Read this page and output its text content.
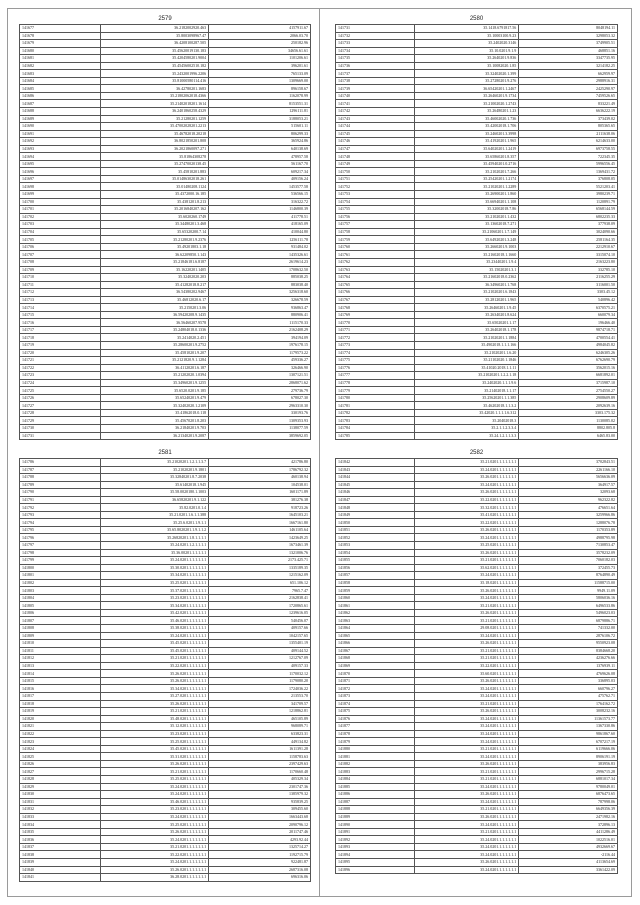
2579
141677	36.2182002920.463	4157911.67
141678	35.8003098967.47	2066.03.70
141679	36.4208100287.505	250182.96
141680	35.45620019130.183	34656.61.61
141681	35.4204580201.9004	1101206.61
141682	35.45456002510.182	396201.61
141683	35.2432001996.2206	765133.09
141684	35.81000580114.416	1309669.00
141685	36.42780201.1683	896158.67
141686	35.21802062018.4366	1162078.99
141687	35.21402018201.1614	8153551.31
141688	36.2401860258.4329	1296111.81
141689	35.21280201.1259	3188053.21
141690	35.47002028201.2213	515601.11
141691	35.46782018.20218	806299.33
141692	36.8021850201.808	365924.86
141693	36.2021860097.271	640138.69
141694	35.81864308278	478957.58
141695	35.27470020138.45	561167.70
141696	35.45810201.883	609217.34
141697	35.01486302018.261	409156.24
141698	35.01480208.1124	1453577.58
141699	35.4372000.16.185	536566.15
141700	35.4381201.8.213	316322.72
141701	35.2016840207.162	1146800.39
141702	35.6020260.1749	411778.51
141703	35.34480201.3.468	418165.09
141704	35.65320200.7.14	410044.80
141705	35.21280201.9.2376	1256111.78
141706	35.49201803.1.18	931484.02
141707	36.62209850.1.143	1435326.61
141708	35.21846181.6.8187	2619614.23
141709	35.16220201.1405	1708632.50
141710	35.32402020.203	885038.25
141711	35.41282018.8.217	883038.40
141712	36.54380202.9467	3256318.60
141713	35.46812020.6.17	326678.59
141714	35.2150201.3.06	936863.47
141715	36.59420208.9.1435	880906.41
141716	36.56460207.9578	1115170.33
141717	35.24804018.0.1336	2162408.29
141718	35.2414020.2.451	394194.09
141719	35.28600201.9.2752	1976178.15
141720	35.45810201.9.207	1179573.22
141721	35.2121820.9.1.1284	459336.27
141722	36.41120201.6.187	326466.90
141723	35.21202020.1.0394	1307121.51
141724	35.34960201.9.1255	2868071.62
141725	35.6520.0201.9.185	279736.79
141726	35.65240201.9.479	678027.30
141727	35.32402020.1.2109	2963310.30
141728	35.41862018.0.118	330193.76
141729	35.45670201.8.203	1309353.93
141730	36.21840201.9.703	1138077.59
141731	36.21340201.9.2087	3859692.05
2580
141731	35.1418.6791817.56	8048194.11
141732	35.10003100.9.23	3298053.32
141733	35.2402020.3146	3749905.51
141734	35.10.0201.9.1.9	468851.16
141735	35.2640201.9.836	3347735.95
141736	35.10082020.1.85	3214182.25
141737	35.32402020.1.399	662959.97
141738	35.27280201.9.276	2988916.31
141739	36.65420201.1.2467	2425290.97
141740	35.26460201.9.1734	7459526.65
141741	35.21002020.1.2743	833221.49
141742	35.26480201.1.23	6636222.19
141743	35.46002020.1.736	373439.02
141744	35.42002018.1.706	805365.65
141745	35.2460201.3.3998	2111638.06
141746	35.41920201.1.965	6214633.00
141747	35.64020201.1.2419	6973758.55
141748	35.65860201.8.357	722345.35
141749	35.45940201.0.2716	5996556.45
141750	35.21020201.7.266	1369431.72
141751	35.25420201.1.2174	376808.05
141752	35.21020201.1.2289	5521203.41
141753	35.26900201.1.860	3980239.71
141754	35.66940201.1.108	1120891.79
141755	35.32002018.7.86	6568144.59
141756	35.21020201.1.432	6802235.33
141757	35.13602018.7.271	377938.09
141758	35.21060201.1.7.149	3024090.66
141759	35.64920201.3.248	2581164.35
141760	35.2660201.9.1003	2212910.67
141761	35.21602018.1.1660	3315074.10
141762	35.23440201.1.9.4	2163223.80
141763	35.15020201.3.1	332785.10
141764	35.21602018.0.2362	2116255.29
141765	36.34960201.1.768	3116001.50
141766	35.21020201.6.1843	3303.45.12
141767	35.28120201.1.965	540896.42
141768	35.26460201.1.9.45	6370575.21
141769	35.26340201.8.624	660079.34
141770	35.65020201.1.17	196466.40
141771	35.26402018.1.178	9874718.71
141772	35.21020201.1.1884	4700554.41
141773	35.4902018.1.1.1.166	4984045.82
141774	35.21020201.1.6.20	6246305.26
141775	35.21102020.1.1846	6762690.79
141776	35.41020.2018.1.1.11	3562015.16
141777	35.21020201.1.2.2.1.18	6681892.01
141778	35.2402020.1.1.1.9.6	3715987.10
141779	35.21402018.1.1.17	2754550.27
141780	35.25620201.1.1.385	2908609.89
141781	35.46202018.1.1.3.2	2092639.16
141782	35.42020.1.1.1.1.6.312	3303.175.32
141783	35.20402018.3	1130085.02
141784	35.2.1.1.2.3.3.4	8802.805.8
141785	35.24.1.2.1.1.3.3	6465.83.00
2581
141786	35.21020201.1.2.1.1.3.7	421786.80
141787	35.21020201.9.1801	1786792.32
141788	35.32840201.8.7.2038	460138.94
141789	35.61402018.1.945	104538.01
141790	35.58.0020180.1.1003	1601171.89
141791	36.65820201.9.1.122	381276.38
141792	35.82.0201.0.1.4	918723.26
141793	35.21.0201.1.6.1.1.388	1645103.21
141794	35.25.6.0201.1.9.1.1	1667161.80
141795	35.65.8020201.1.9.1.1.2	1461105.64
141796	35.26820201.1.8.1.1.1.1	1423649.25
141797	35.24.0201.1.2.1.1.1.1	1673461.39
141798	35.36.00201.1.1.1.1.1	1321006.76
141799	35.24.0201.1.1.1.1.1.1	2173.425.71
141800	35.30.0201.1.1.1.1.1.1	1335189.35
141801	35.34.0201.1.1.1.1.1.1	1215162.09
141802	35.25.0201.1.1.1.1.1.1	651.106.12
141803	35.37.0201.1.1.1.1.1.1	7965.7.47
141804	35.23.0201.1.1.1.1.1.1	2162838.41
141805	35.34.0201.1.1.1.1.1.1	1720865.61
141806	35.42.0201.1.1.1.1.1.1	1239616.05
141807	35.46.0201.1.1.1.1.1.1	540456.07
141808	35.38.0201.1.1.1.1.1.1	409157.66
141809	35.24.0201.1.1.1.1.1.1	1042157.65
141810	35.45.0201.1.1.1.1.1.1	1355401.19
141811	35.45.0201.1.1.1.1.1.1	409144.52
141812	35.21.0201.1.1.1.1.1.1	1212767.09
141813	35.22.0201.1.1.1.1.1.1	409157.33
141814	35.26.0201.1.1.1.1.1.1	1170032.12
141815	35.26.0201.1.1.1.1.1.1	1179080.20
141816	35.34.0201.1.1.1.1.1.1	1724036.22
141817	35.27.0201.1.1.1.1.1.1	213553.70
141818	35.26.0201.1.1.1.1.1.1	341709.57
141819	35.21.0201.1.1.1.1.1.1	1218862.81
141820	35.48.0201.1.1.1.1.1.1	465105.89
141821	35.12.0201.1.1.1.1.1.1	968089.71
141822	35.23.0201.1.1.1.1.1.1	633823.31
141823	35.25.0201.1.1.1.1.1.1	449134.82
141824	35.45.0201.1.1.1.1.1.1	1611391.28
141825	35.31.0201.1.1.1.1.1.1	1158783.63
141826	35.26.0201.1.1.1.1.1.1	2397429.63
141827	35.21.0201.1.1.1.1.1.1	1170660.48
141828	35.25.0201.1.1.1.1.1.1	405329.34
141829	35.24.0201.1.1.1.1.1.1	2301747.36
141830	35.24.0201.1.1.1.1.1.1	1385979.32
141831	35.46.0201.1.1.1.1.1.1	935839.25
141832	35.23.0201.1.1.1.1.1.1	309455.60
141833	35.24.0201.1.1.1.1.1.1	1663443.68
141834	35.25.0201.1.1.1.1.1.1	2090796.12
141835	35.26.0201.1.1.1.1.1.1	2011747.46
141836	35.24.0201.1.1.1.1.1.1	4293.92.44
141837	35.21.0201.1.1.1.1.1.1	1325714.27
141838	35.22.0201.1.1.1.1.1.1	1192715.79
141839	35.24.0201.1.1.1.1.1.1	922481.87
141840	35.26.0201.1.1.1.1.1.1	2687316.08
141841	36.28.0201.1.1.1.1.1.1	696316.06
2582
141842	35.21.0201.1.1.1.1.1.1	3702843.51
141843	35.24.0201.1.1.1.1.1.1	2261166.10
141844	35.26.0201.1.1.1.1.1.1	5656636.09
141845	35.24.0201.1.1.1.1.1.1	364917.57
141846	35.26.0201.1.1.1.1.1.1	32093.68
141847	35.22.0201.1.1.1.1.1.1	962322.82
141848	35.32.0201.1.1.1.1.1.1	476651.64
141849	35.41.0201.1.1.1.1.1.1	3259966.86
141850	35.22.0201.1.1.1.1.1.1	1288076.78
141851	35.26.0201.1.1.1.1.1.1	1170353.89
141852	35.24.0201.1.1.1.1.1.1	4988795.98
141853	35.25.0201.1.1.1.1.1.1	7130853.47
141854	35.26.0201.1.1.1.1.1.1	3578232.09
141855	35.21.0201.1.1.1.1.1.1	7060182.03
141856	35.62.0201.1.1.1.1.1.1	372455.73
141857	35.24.0201.1.1.1.1.1.1	8764890.49
141858	35.18.0201.1.1.1.1.1.1	11588715.00
141859	35.26.0201.1.1.1.1.1.1	9949.11.09
141860	35.24.0201.1.1.1.1.1.1	5806036.16
141861	35.21.0201.1.1.1.1.1.1	6496533.86
141862	35.26.0201.1.1.1.1.1.1	5496023.03
141863	35.21.0201.1.1.1.1.1.1	6879886.71
141864	29.08.0201.1.1.1.1.1.1	741332.00
141865	35.24.0201.1.1.1.1.1.1	2876106.72
141866	35.26.0201.1.1.1.1.1.1	9550923.08
141867	35.21.0201.1.1.1.1.1.1	8384668.20
141868	35.21.0201.1.1.1.1.1.1	4236276.66
141869	35.22.0201.1.1.1.1.1.1	1376939.11
141870	35.60.0201.1.1.1.1.1.1	4769626.08
141871	35.26.0201.1.1.1.1.1.1	336895.03
141872	35.24.0201.1.1.1.1.1.1	660796.27
141873	35.24.0201.1.1.1.1.1.1	475762.71
141874	35.21.0201.1.1.1.1.1.1	1764162.72
141875	35.26.0201.1.1.1.1.1.1	3008232.16
141876	35.24.0201.1.1.1.1.1.1	11361573.77
141877	35.24.0201.1.1.1.1.1.1	1367330.86
141878	35.24.0201.1.1.1.1.1.1	9861867.60
141879	35.24.0201.1.1.1.1.1.1	6707217.19
141880	35.21.0201.1.1.1.1.1.1	6119666.06
141881	35.24.0201.1.1.1.1.1.1	8906191.19
141882	35.26.0201.1.1.1.1.1.1	383956.83
141883	35.21.0201.1.1.1.1.1.1	2996715.28
141884	35.21.0201.1.1.1.1.1.1	6881017.34
141885	35.24.0201.1.1.1.1.1.1	9780049.01
141886	35.26.0201.1.1.1.1.1.1	6876473.65
141887	35.24.0201.1.1.1.1.1.1	787998.06
141888	35.21.0201.1.1.1.1.1.1	6649356.39
141889	35.26.0201.1.1.1.1.1.1	2471982.16
141890	35.24.0201.1.1.1.1.1.1	372896.13
141891	35.21.0201.1.1.1.1.1.1	4411286.49
141892	35.24.0201.1.1.1.1.1.1	1022516.01
141893	35.24.0201.1.1.1.1.1.1	4932669.67
141894	35.24.0201.1.1.1.1.1.1	-2116.44
141895	35.26.0201.1.1.1.1.1.1	4113654.69
141896	35.24.0201.1.1.1.1.1.1	3361422.09
